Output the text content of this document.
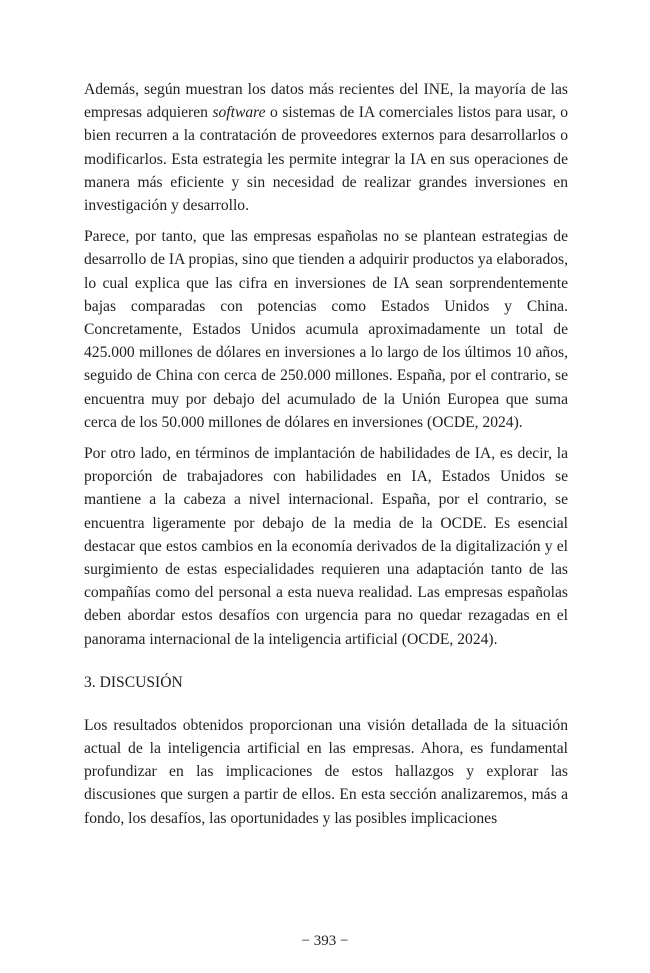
Además, según muestran los datos más recientes del INE, la mayoría de las empresas adquieren software o sistemas de IA comerciales listos para usar, o bien recurren a la contratación de proveedores externos para desarrollarlos o modificarlos. Esta estrategia les permite integrar la IA en sus operaciones de manera más eficiente y sin necesidad de realizar grandes inversiones en investigación y desarrollo.

Parece, por tanto, que las empresas españolas no se plantean estrategias de desarrollo de IA propias, sino que tienden a adquirir productos ya elaborados, lo cual explica que las cifra en inversiones de IA sean sorprendentemente bajas comparadas con potencias como Estados Unidos y China. Concretamente, Estados Unidos acumula aproximadamente un total de 425.000 millones de dólares en inversiones a lo largo de los últimos 10 años, seguido de China con cerca de 250.000 millones. España, por el contrario, se encuentra muy por debajo del acumulado de la Unión Europea que suma cerca de los 50.000 millones de dólares en inversiones (OCDE, 2024).

Por otro lado, en términos de implantación de habilidades de IA, es decir, la proporción de trabajadores con habilidades en IA, Estados Unidos se mantiene a la cabeza a nivel internacional. España, por el contrario, se encuentra ligeramente por debajo de la media de la OCDE. Es esencial destacar que estos cambios en la economía derivados de la digitalización y el surgimiento de estas especialidades requieren una adaptación tanto de las compañías como del personal a esta nueva realidad. Las empresas españolas deben abordar estos desafíos con urgencia para no quedar rezagadas en el panorama internacional de la inteligencia artificial (OCDE, 2024).

3. DISCUSIÓN

Los resultados obtenidos proporcionan una visión detallada de la situación actual de la inteligencia artificial en las empresas. Ahora, es fundamental profundizar en las implicaciones de estos hallazgos y explorar las discusiones que surgen a partir de ellos. En esta sección analizaremos, más a fondo, los desafíos, las oportunidades y las posibles implicaciones

− 393 −
